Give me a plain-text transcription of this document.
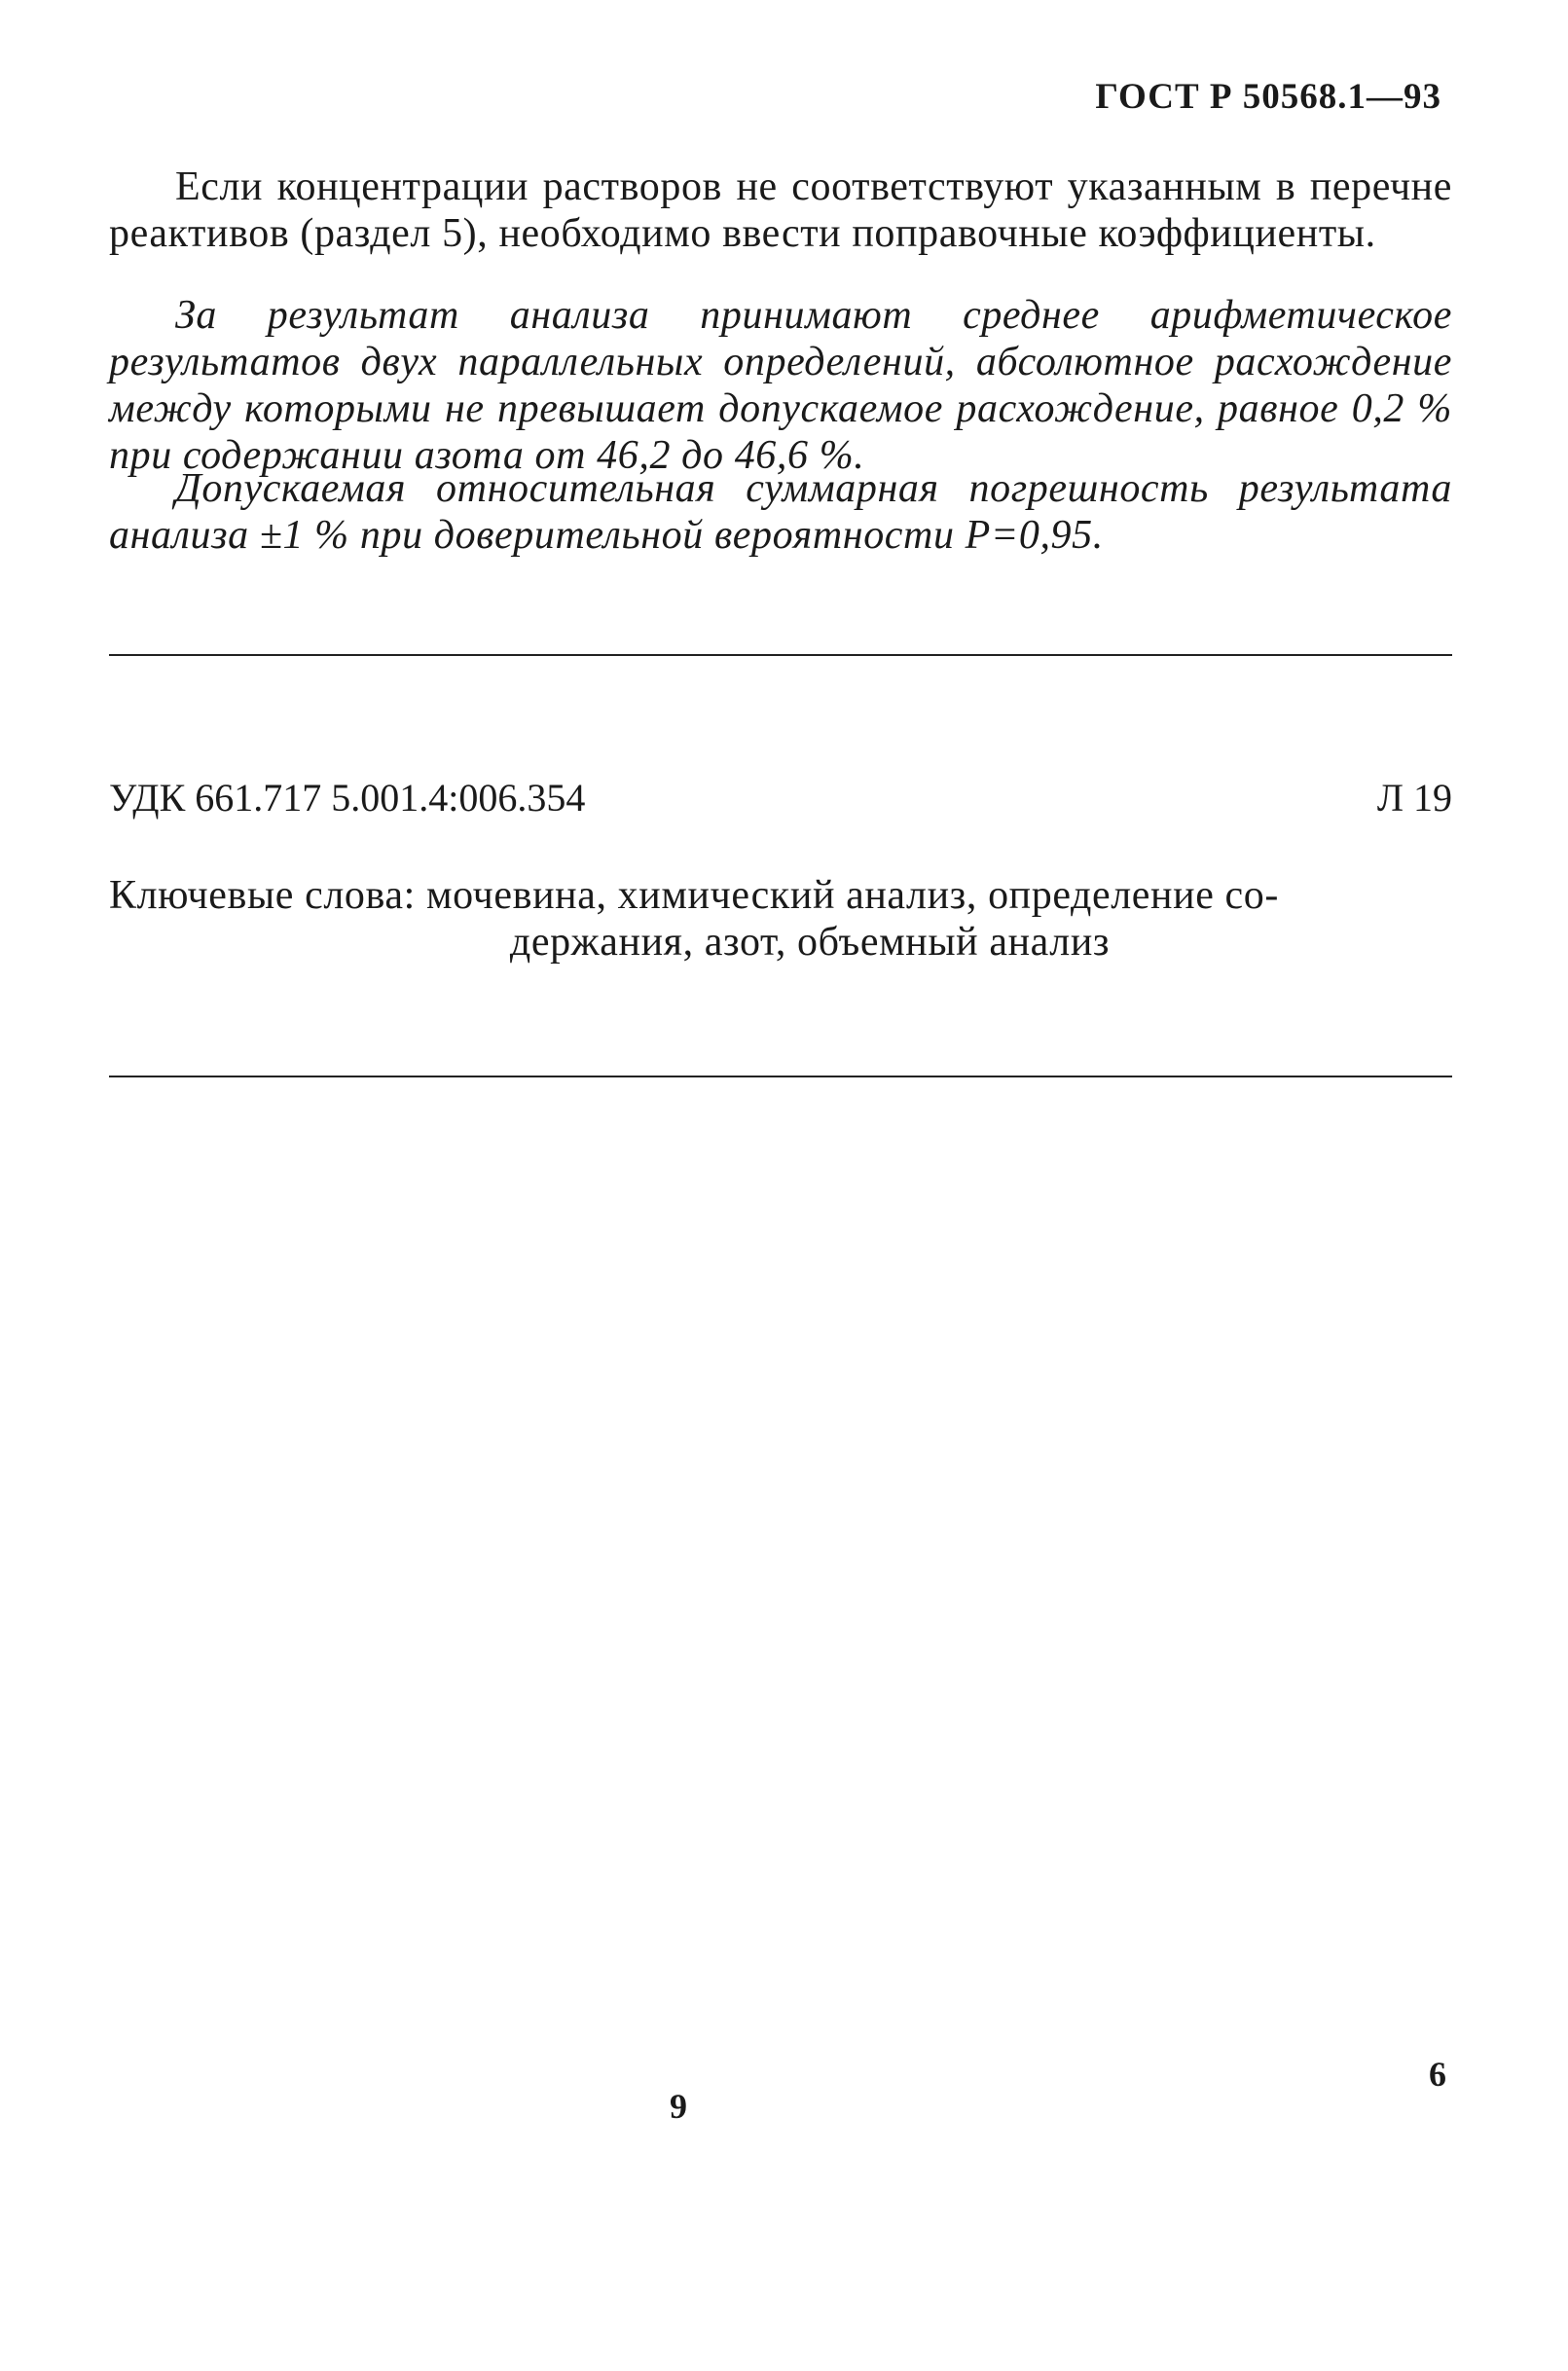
ГОСТ Р 50568.1—93

Если концентрации растворов не соответствуют указанным в перечне реактивов (раздел 5), необходимо ввести поправочные коэффициенты.

За результат анализа принимают среднее арифметическое результатов двух параллельных определений, абсолютное расхождение между которыми не превышает допускаемое расхождение, равное 0,2 % при содержании азота от 46,2 до 46,6 %.

Допускаемая относительная суммарная погрешность результата анализа ±1 % при доверительной вероятности P=0,95.

УДК 661.717 5.001.4:006.354	Л 19

Ключевые слова: мочевина, химический анализ, определение со-
держания, азот, объемный анализ

9
6
